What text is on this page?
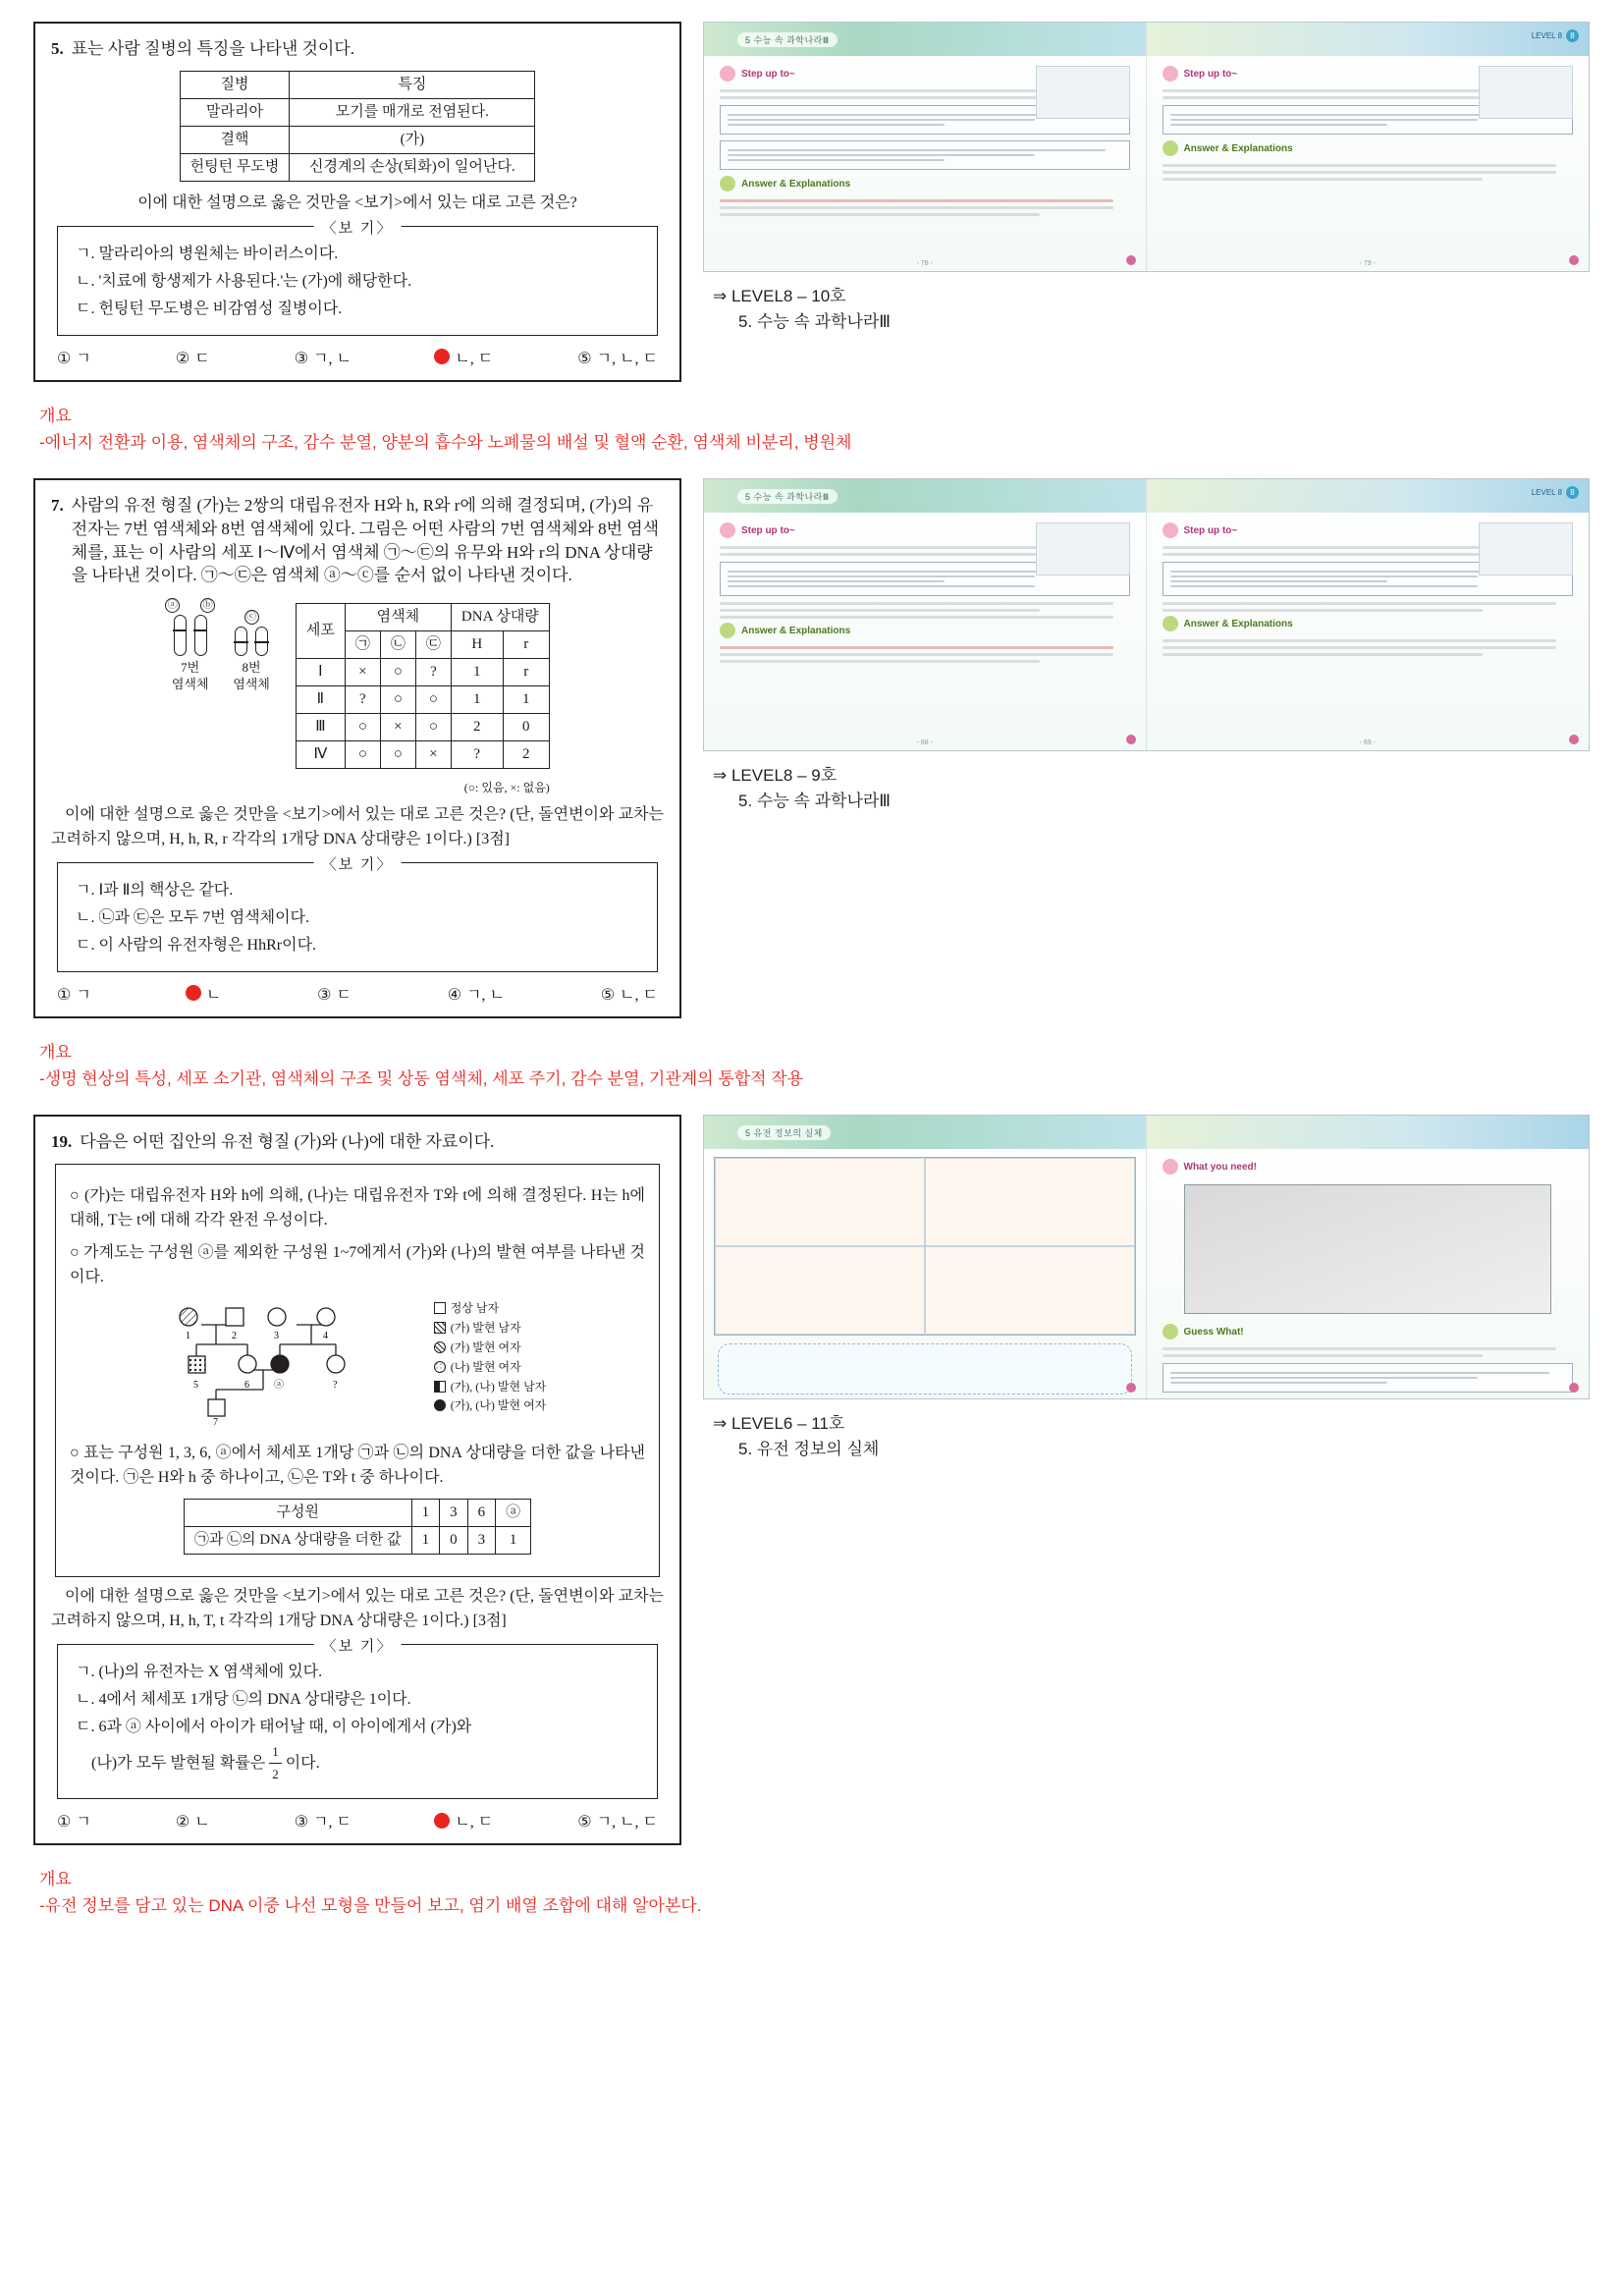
5. 표는 사람 질병의 특징을 나타낸 것이다.
질병	특징
말라리아	모기를 매개로 전염된다.
결핵	(가)
헌팅턴 무도병	신경계의 손상(퇴화)이 일어난다.
이에 대한 설명으로 옳은 것만을 <보기>에서 있는 대로 고른 것은?
〈보 기〉
ㄱ. 말라리아의 병원체는 바이러스이다.
ㄴ. '치료에 항생제가 사용된다.'는 (가)에 해당한다.
ㄷ. 헌팅턴 무도병은 비감염성 질병이다.
① ㄱ	② ㄷ	③ ㄱ, ㄴ	ㄴ, ㄷ	⑤ ㄱ, ㄴ, ㄷ
5 수능 속 과학나라Ⅲ
Step up to~
Answer & Explanations
- 78 -
LEVEL 8	8
Step up to~
Answer & Explanations
- 79 -
⇒ LEVEL8 – 10호
5. 수능 속 과학나라Ⅲ
개요
-에너지 전환과 이용, 염색체의 구조, 감수 분열, 양분의 흡수와 노폐물의 배설 및 혈액 순환, 염색체 비분리, 병원체
7. 사람의 유전 형질 (가)는 2쌍의 대립유전자 H와 h, R와 r에 의해 결정되며, (가)의 유전자는 7번 염색체와 8번 염색체에 있다. 그림은 어떤 사람의 7번 염색체와 8번 염색체를, 표는 이 사람의 세포 Ⅰ～Ⅳ에서 염색체 ㉠～㉢의 유무와 H와 r의 DNA 상대량을 나타낸 것이다. ㉠～㉢은 염색체 ⓐ～ⓒ를 순서 없이 나타낸 것이다.
ⓐ	ⓑ
7번
염색체
ⓒ
8번
염색체
세포	염색체			DNA 상대량	
	㉠	㉡	㉢	H	r
Ⅰ	×	○	?	1	r
Ⅱ	?	○	○	1	1
Ⅲ	○	×	○	2	0
Ⅳ	○	○	×	?	2
(○: 있음, ×: 없음)
이에 대한 설명으로 옳은 것만을 <보기>에서 있는 대로 고른 것은? (단, 돌연변이와 교차는 고려하지 않으며, H, h, R, r 각각의 1개당 DNA 상대량은 1이다.) [3점]
〈보 기〉
ㄱ. Ⅰ과 Ⅱ의 핵상은 같다.
ㄴ. ㉡과 ㉢은 모두 7번 염색체이다.
ㄷ. 이 사람의 유전자형은 HhRr이다.
① ㄱ	ㄴ	③ ㄷ	④ ㄱ, ㄴ	⑤ ㄴ, ㄷ
5 수능 속 과학나라Ⅲ
Step up to~
Answer & Explanations
- 68 -
LEVEL 8	8
Step up to~
Answer & Explanations
- 69 -
⇒ LEVEL8 – 9호
5. 수능 속 과학나라Ⅲ
개요
-생명 현상의 특성, 세포 소기관, 염색체의 구조 및 상동 염색체, 세포 주기, 감수 분열, 기관계의 통합적 작용
19. 다음은 어떤 집안의 유전 형질 (가)와 (나)에 대한 자료이다.
○ (가)는 대립유전자 H와 h에 의해, (나)는 대립유전자 T와 t에 의해 결정된다. H는 h에 대해, T는 t에 대해 각각 완전 우성이다.
○ 가계도는 구성원 ⓐ를 제외한 구성원 1~7에게서 (가)와 (나)의 발현 여부를 나타낸 것이다.
1	2	3	4
5	6	ⓐ	?
7
정상 남자
(가) 발현 남자
(가) 발현 여자
(나) 발현 여자
(가), (나) 발현 남자
(가), (나) 발현 여자
○ 표는 구성원 1, 3, 6, ⓐ에서 체세포 1개당 ㉠과 ㉡의 DNA 상대량을 더한 값을 나타낸 것이다. ㉠은 H와 h 중 하나이고, ㉡은 T와 t 중 하나이다.
구성원	1	3	6	ⓐ
㉠과 ㉡의 DNA 상대량을 더한 값	1	0	3	1
이에 대한 설명으로 옳은 것만을 <보기>에서 있는 대로 고른 것은? (단, 돌연변이와 교차는 고려하지 않으며, H, h, T, t 각각의 1개당 DNA 상대량은 1이다.) [3점]
〈보 기〉
ㄱ. (나)의 유전자는 X 염색체에 있다.
ㄴ. 4에서 체세포 1개당 ㉡의 DNA 상대량은 1이다.
ㄷ. 6과 ⓐ 사이에서 아이가 태어날 때, 이 아이에게서 (가)와
(나)가 모두 발현될 확률은 $\frac{1}{2}$ 이다.
① ㄱ	② ㄴ	③ ㄱ, ㄷ	ㄴ, ㄷ	⑤ ㄱ, ㄴ, ㄷ
5 유전 정보의 실체
What you need!
Guess What!
⇒ LEVEL6 – 11호
5. 유전 정보의 실체
개요
-유전 정보를 담고 있는 DNA 이중 나선 모형을 만들어 보고, 염기 배열 조합에 대해 알아본다.
